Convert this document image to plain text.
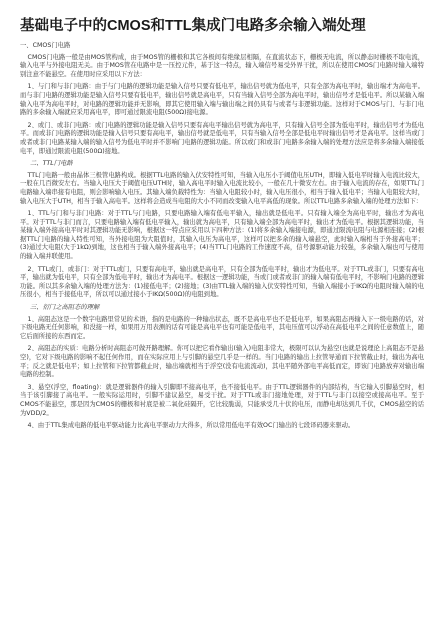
基础电子中的CMOS和TTL集成门电路多余输入端处理
一、CMOS门电路
CMOS门电路一般是由MOS管构成，由于MOS管的栅极和其它各极间有绝缘层相隔，在直流状态下，栅极无电流，所以静态时栅极不取电流，输入电平与外接电阻无关。由于MOS管在电路中是一压控元件，基于这一特点，输入端信号易受外界干扰，所以在使用CMOS门电路时输入端特别注意不能悬空。在使用时应采用以下方法：
1、与门和与非门电路：由于与门电路的逻辑功能是输入信号只要有低电平，输出信号就为低电平，只有全部为高电平时，输出端才为高电平。而与非门电路的逻辑功能是输入信号只要有低电平，输出信号就是高电平，只有当输入信号全部为高电平时，输出信号才是低电平。所以某输入端输入电平为高电平时，对电路的逻辑功能并无影响，即其它使用输入端与输出端之间仍具有与或者与非逻辑功能。这样对于CMOS与门、与非门电路的多余输入端就应采用高电平，即可通过限流电阻(500Ω)接电源。
2、或门、或非门电路：或门电路的逻辑功能是输入信号只要有高电平输出信号就为高电平，只有输入信号全部为低电平时，输出信号才为低电平。而或非门电路的逻辑功能是输入信号只要有高电平，输出信号就是低电平，只有当输入信号全部是低电平时输出信号才是高电平。这样当或门或者或非门电路某输入端的输入信号为低电平时并不影响门电路的逻辑功能。所以或门和或非门电路多余输入端的处理方法应是将多余输入端接低电平，即通过限流电阻(500Ω)接地。
二、TTL门电路
TTL门电路一般由晶体三极管电路构成。根据TTL电路的输入伏安特性可知，当输入电压小于阈值电压UTH，即输入低电平时输入电流比较大，一般在几百微安左右。当输入电压大于阈值电压UTH时，输入高电平时输入电流比较小，一般在几十微安左右。由于输入电流的存在，如果TTL门电路输入端串接有电阻，则会影响输入电压。其输入端负载特性为：当输入电阻较小时，输入电压很小，相当于输入低电平；当输入电阻较大时，输入电压大于UTH，相当于输入高电平。这样将会造成当电阻的大小不同而改变输入电平高低的现象。所以TTL电路多余输入端的处理方法如下：
1、TTL与门和与非门电路：对于TTL与门电路，只要电路输入端有低电平输入，输出就是低电平。只有输入端全为高电平时，输出才为高电平。对于TTL与非门而言，只要电路输入端有低电平输入，输出就为高电平，只有输入端全部为高电平时，输出才为低电平。根据其逻辑功能，当某输入端外接高电平时对其逻辑功能无影响，根据这一特点应采用以下四种方法：(1)将多余输入端接电源，即通过限流电阻与电源相连接；(2)根据TTL门电路的输入特性可知，当外接电阻为大阻值时，其输入电压为高电平，这样可以把多余的输入端悬空，此时输入端相当于外接高电平；(3)通过大电阻(大于1kΩ)到地，这也相当于输入端外接高电平；(4)当TTL门电路的工作速度不高，信号源驱动能力较强，多余输入端也可与使用的输入端并联使用。
2、TTL或门、或非门：对于TTL或门，只要有高电平，输出就是高电平，只有全部为低电平时，输出才为低电平。对于TTL或非门，只要有高电平，输出就为低电平，只有全部为低电平时，输出才为高电平。根据这一逻辑功能，当或门或者或非门的输入端有低电平时，不影响门电路的逻辑功能。所以其多余输入端的处理方法为：(1)接低电平；(2)接地；(3)由TTL输入端的输入伏安特性可知，当输入端接小于IKΩ的电阻时输入端的电压很小，相当于接低电平，所以可以通过接小于IKΩ(500Ω)的电阻到地。
三、衍门之高阻态的理解
1、高阻态这是一个数字电路里常见的术语，指的是电路的一种输出状态，既不是高电平也不是低电平，如果高阻态再输入下一级电路的话，对下级电路无任何影响，和没接一样，如果用万用表测的话有可能是高电平也有可能是低电平，其电压值可以浮动在高低电平之间的任意数值上，随它后面所接的东西而定。
2、高阻态的实质：电路分析时高阻态可做开路理解。你可以把它看作输出(输入)电阻非常大，极限可以认为悬空(也就是说理论上高阻态不是悬空)，它对下级电路的影响不起任何作用，而在实际应用上与引脚的悬空几乎是一样的。当门电路的输出上拉管导通而下拉管截止时，输出为高电平；反之就是低电平；如上拉管和下拉管都截止时，输出端就相当于浮空(没有电流流动)，其电平随外部电平高低而定，即该门电路放弃对输出端电路的控制。
3、悬空(浮空，floating)：就是逻辑器件的输入引脚即不接高电平，也不接低电平。由于TTL逻辑器件的内部结构，当它输入引脚悬空时，相当于该引脚接了高电平。一般实际运用时，引脚不建议悬空，易受干扰。对于TTL或非门接地处理，对于TTL与非门以接空或接高电平。至于CMOS不能悬空，那是因为CMOS的栅极和衬底是被二氧化硅隔开，它比较脆弱，只能承受几十伏的电压，而静电却达到几千伏，CMOS悬空的话为VDD/2。
4、由于TTL集成电路的低电平驱动能力比高电平驱动力大得多，所以常用低电平有效OC门输出的七段译码器来驱动。
